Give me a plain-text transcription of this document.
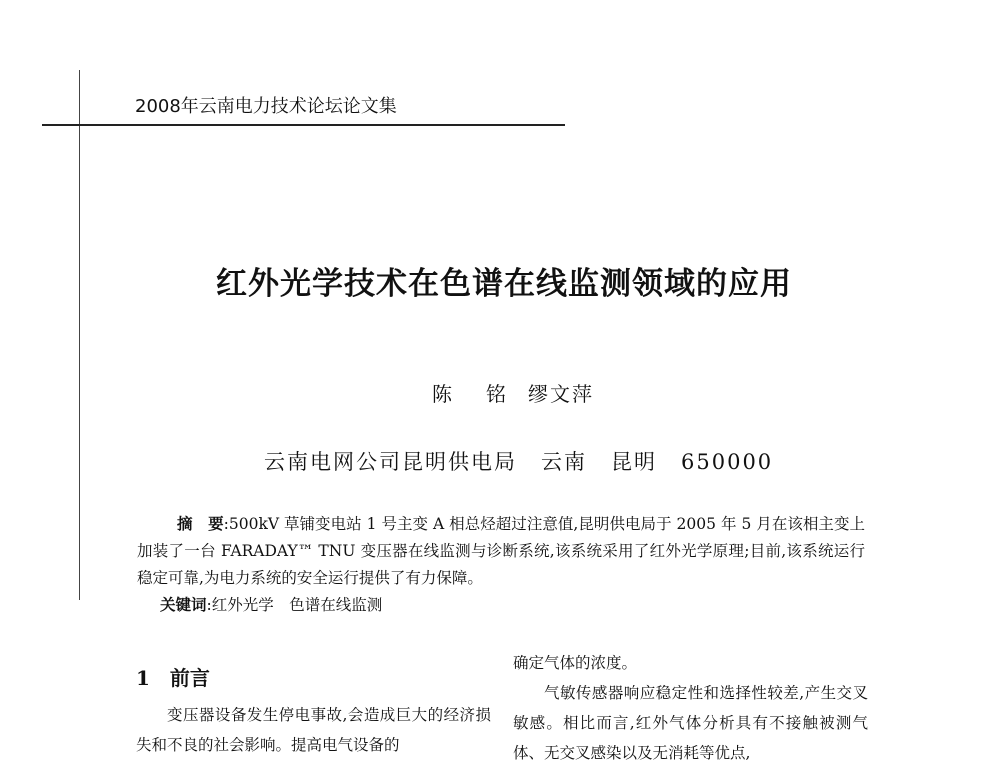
2008年云南电力技术论坛论文集
红外光学技术在色谱在线监测领域的应用
陈 铭 缪文萍
云南电网公司昆明供电局 云南 昆明 650000
摘　要:500kV 草铺变电站 1 号主变 A 相总烃超过注意值,昆明供电局于 2005 年 5 月在该相主变上加装了一台 FARADAY™ TNU 变压器在线监测与诊断系统,该系统采用了红外光学原理;目前,该系统运行稳定可靠,为电力系统的安全运行提供了有力保障。
关键词:红外光学　色谱在线监测
1 前言

变压器设备发生停电事故,会造成巨大的经济损失和不良的社会影响。提高电气设备的

确定气体的浓度。

气敏传感器响应稳定性和选择性较差,产生交叉敏感。相比而言,红外气体分析具有不接触被测气体、无交叉感染以及无消耗等优点,
